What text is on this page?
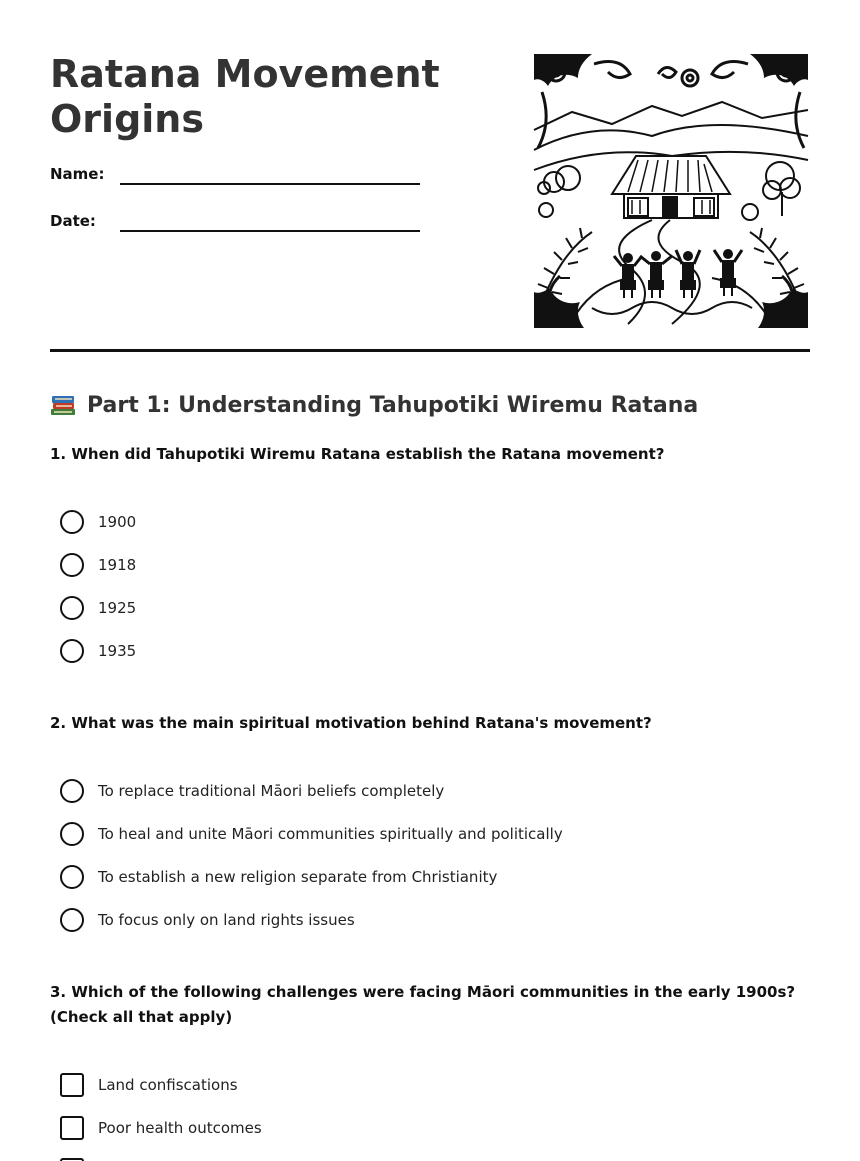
Ratana Movement Origins
Name:
Date:
Part 1: Understanding Tahupotiki Wiremu Ratana

1. When did Tahupotiki Wiremu Ratana establish the Ratana movement?

1900
1918
1925
1935

2. What was the main spiritual motivation behind Ratana's movement?

To replace traditional Māori beliefs completely
To heal and unite Māori communities spiritually and politically
To establish a new religion separate from Christianity
To focus only on land rights issues

3. Which of the following challenges were facing Māori communities in the early 1900s? (Check all that apply)

Land confiscations
Poor health outcomes
